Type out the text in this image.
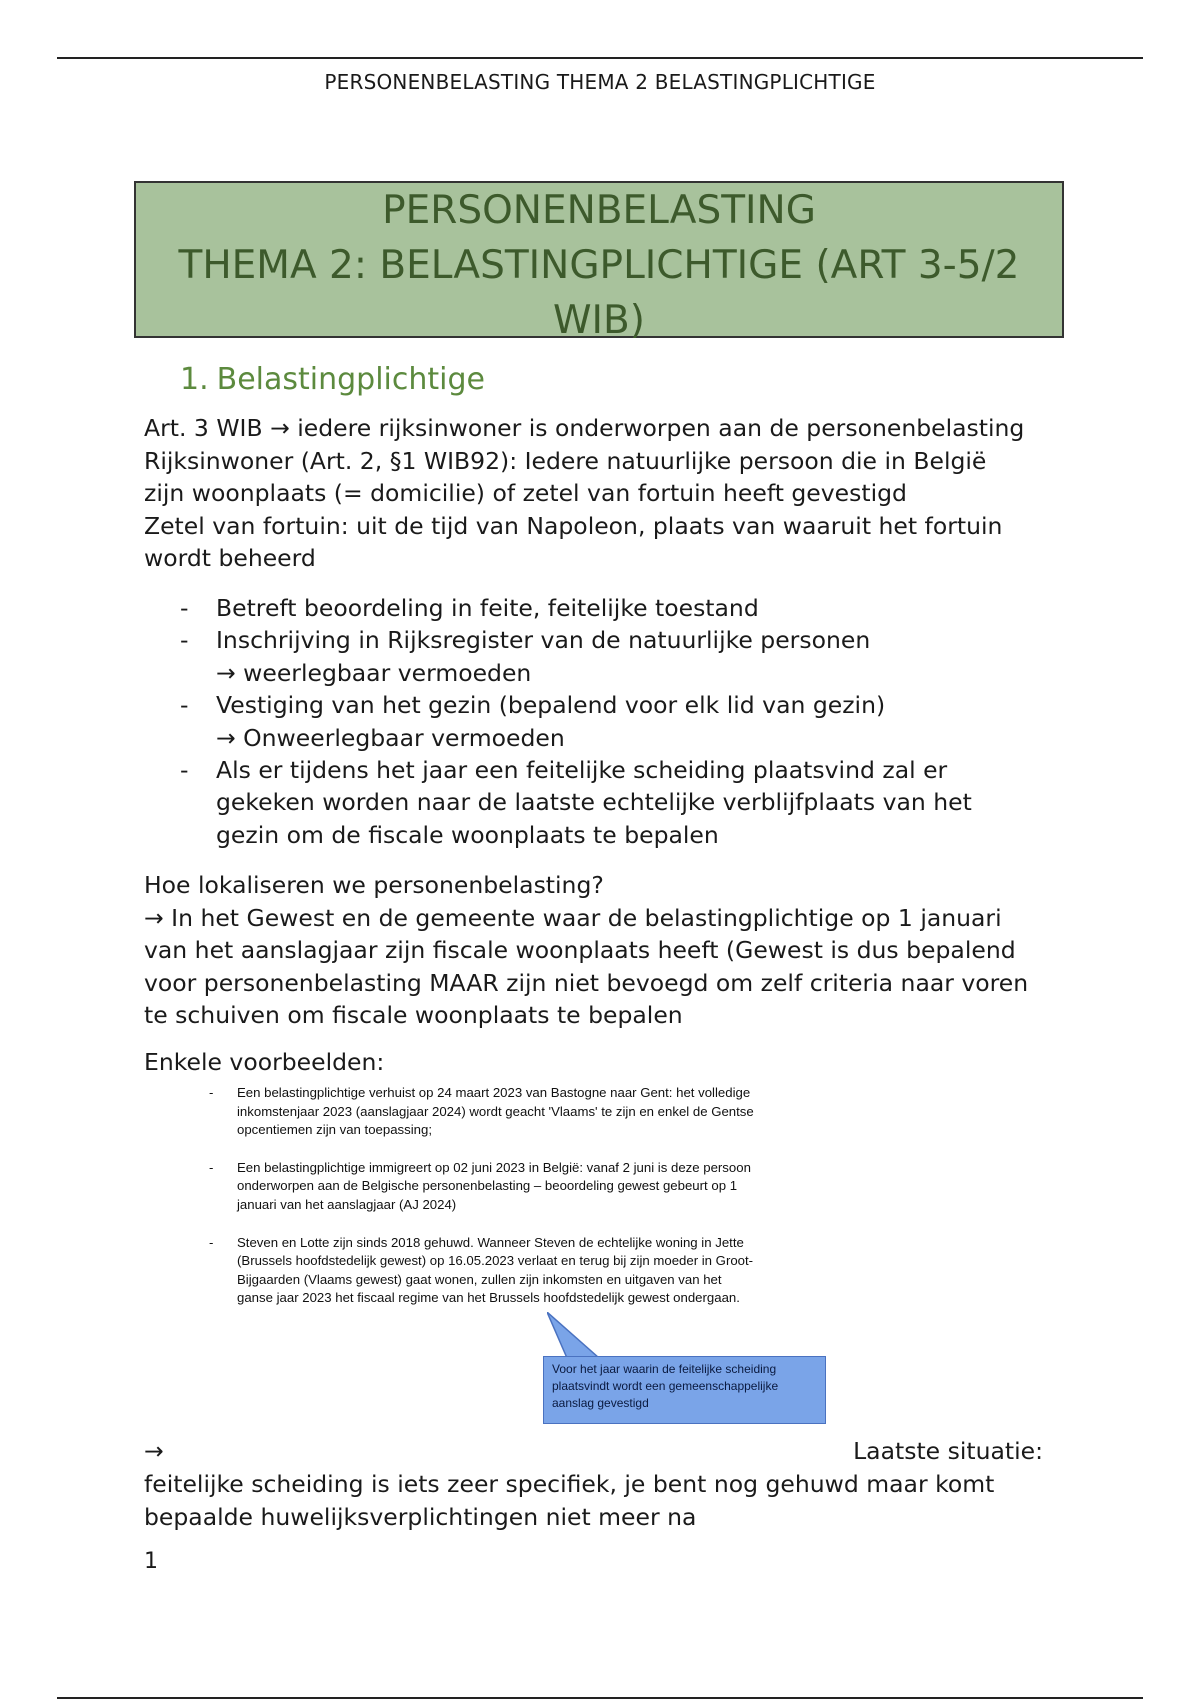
PERSONENBELASTING THEMA 2 BELASTINGPLICHTIGE
PERSONENBELASTING
THEMA 2: BELASTINGPLICHTIGE (ART 3-5/2
WIB)
1. Belastingplichtige
Art. 3 WIB → iedere rijksinwoner is onderworpen aan de personenbelasting
Rijksinwoner (Art. 2, §1 WIB92): Iedere natuurlijke persoon die in België
zijn woonplaats (= domicilie) of zetel van fortuin heeft gevestigd
Zetel van fortuin: uit de tijd van Napoleon, plaats van waaruit het fortuin
wordt beheerd
- Betreft beoordeling in feite, feitelijke toestand
- Inschrijving in Rijksregister van de natuurlijke personen
→ weerlegbaar vermoeden
- Vestiging van het gezin (bepalend voor elk lid van gezin)
→ Onweerlegbaar vermoeden
- Als er tijdens het jaar een feitelijke scheiding plaatsvind zal er
gekeken worden naar de laatste echtelijke verblijfplaats van het
gezin om de fiscale woonplaats te bepalen
Hoe lokaliseren we personenbelasting?
→ In het Gewest en de gemeente waar de belastingplichtige op 1 januari
van het aanslagjaar zijn fiscale woonplaats heeft (Gewest is dus bepalend
voor personenbelasting MAAR zijn niet bevoegd om zelf criteria naar voren
te schuiven om fiscale woonplaats te bepalen
Enkele voorbeelden:
- Een belastingplichtige verhuist op 24 maart 2023 van Bastogne naar Gent: het volledige
inkomstenjaar 2023 (aanslagjaar 2024) wordt geacht 'Vlaams' te zijn en enkel de Gentse
opcentiemen zijn van toepassing;
- Een belastingplichtige immigreert op 02 juni 2023 in België: vanaf 2 juni is deze persoon
onderworpen aan de Belgische personenbelasting – beoordeling gewest gebeurt op 1
januari van het aanslagjaar (AJ 2024)
- Steven en Lotte zijn sinds 2018 gehuwd. Wanneer Steven de echtelijke woning in Jette
(Brussels hoofdstedelijk gewest) op 16.05.2023 verlaat en terug bij zijn moeder in Groot-
Bijgaarden (Vlaams gewest) gaat wonen, zullen zijn inkomsten en uitgaven van het
ganse jaar 2023 het fiscaal regime van het Brussels hoofdstedelijk gewest ondergaan.
Voor het jaar waarin de feitelijke scheiding
plaatsvindt wordt een gemeenschappelijke
aanslag gevestigd
→	Laatste situatie:
feitelijke scheiding is iets zeer specifiek, je bent nog gehuwd maar komt
bepaalde huwelijksverplichtingen niet meer na
1
